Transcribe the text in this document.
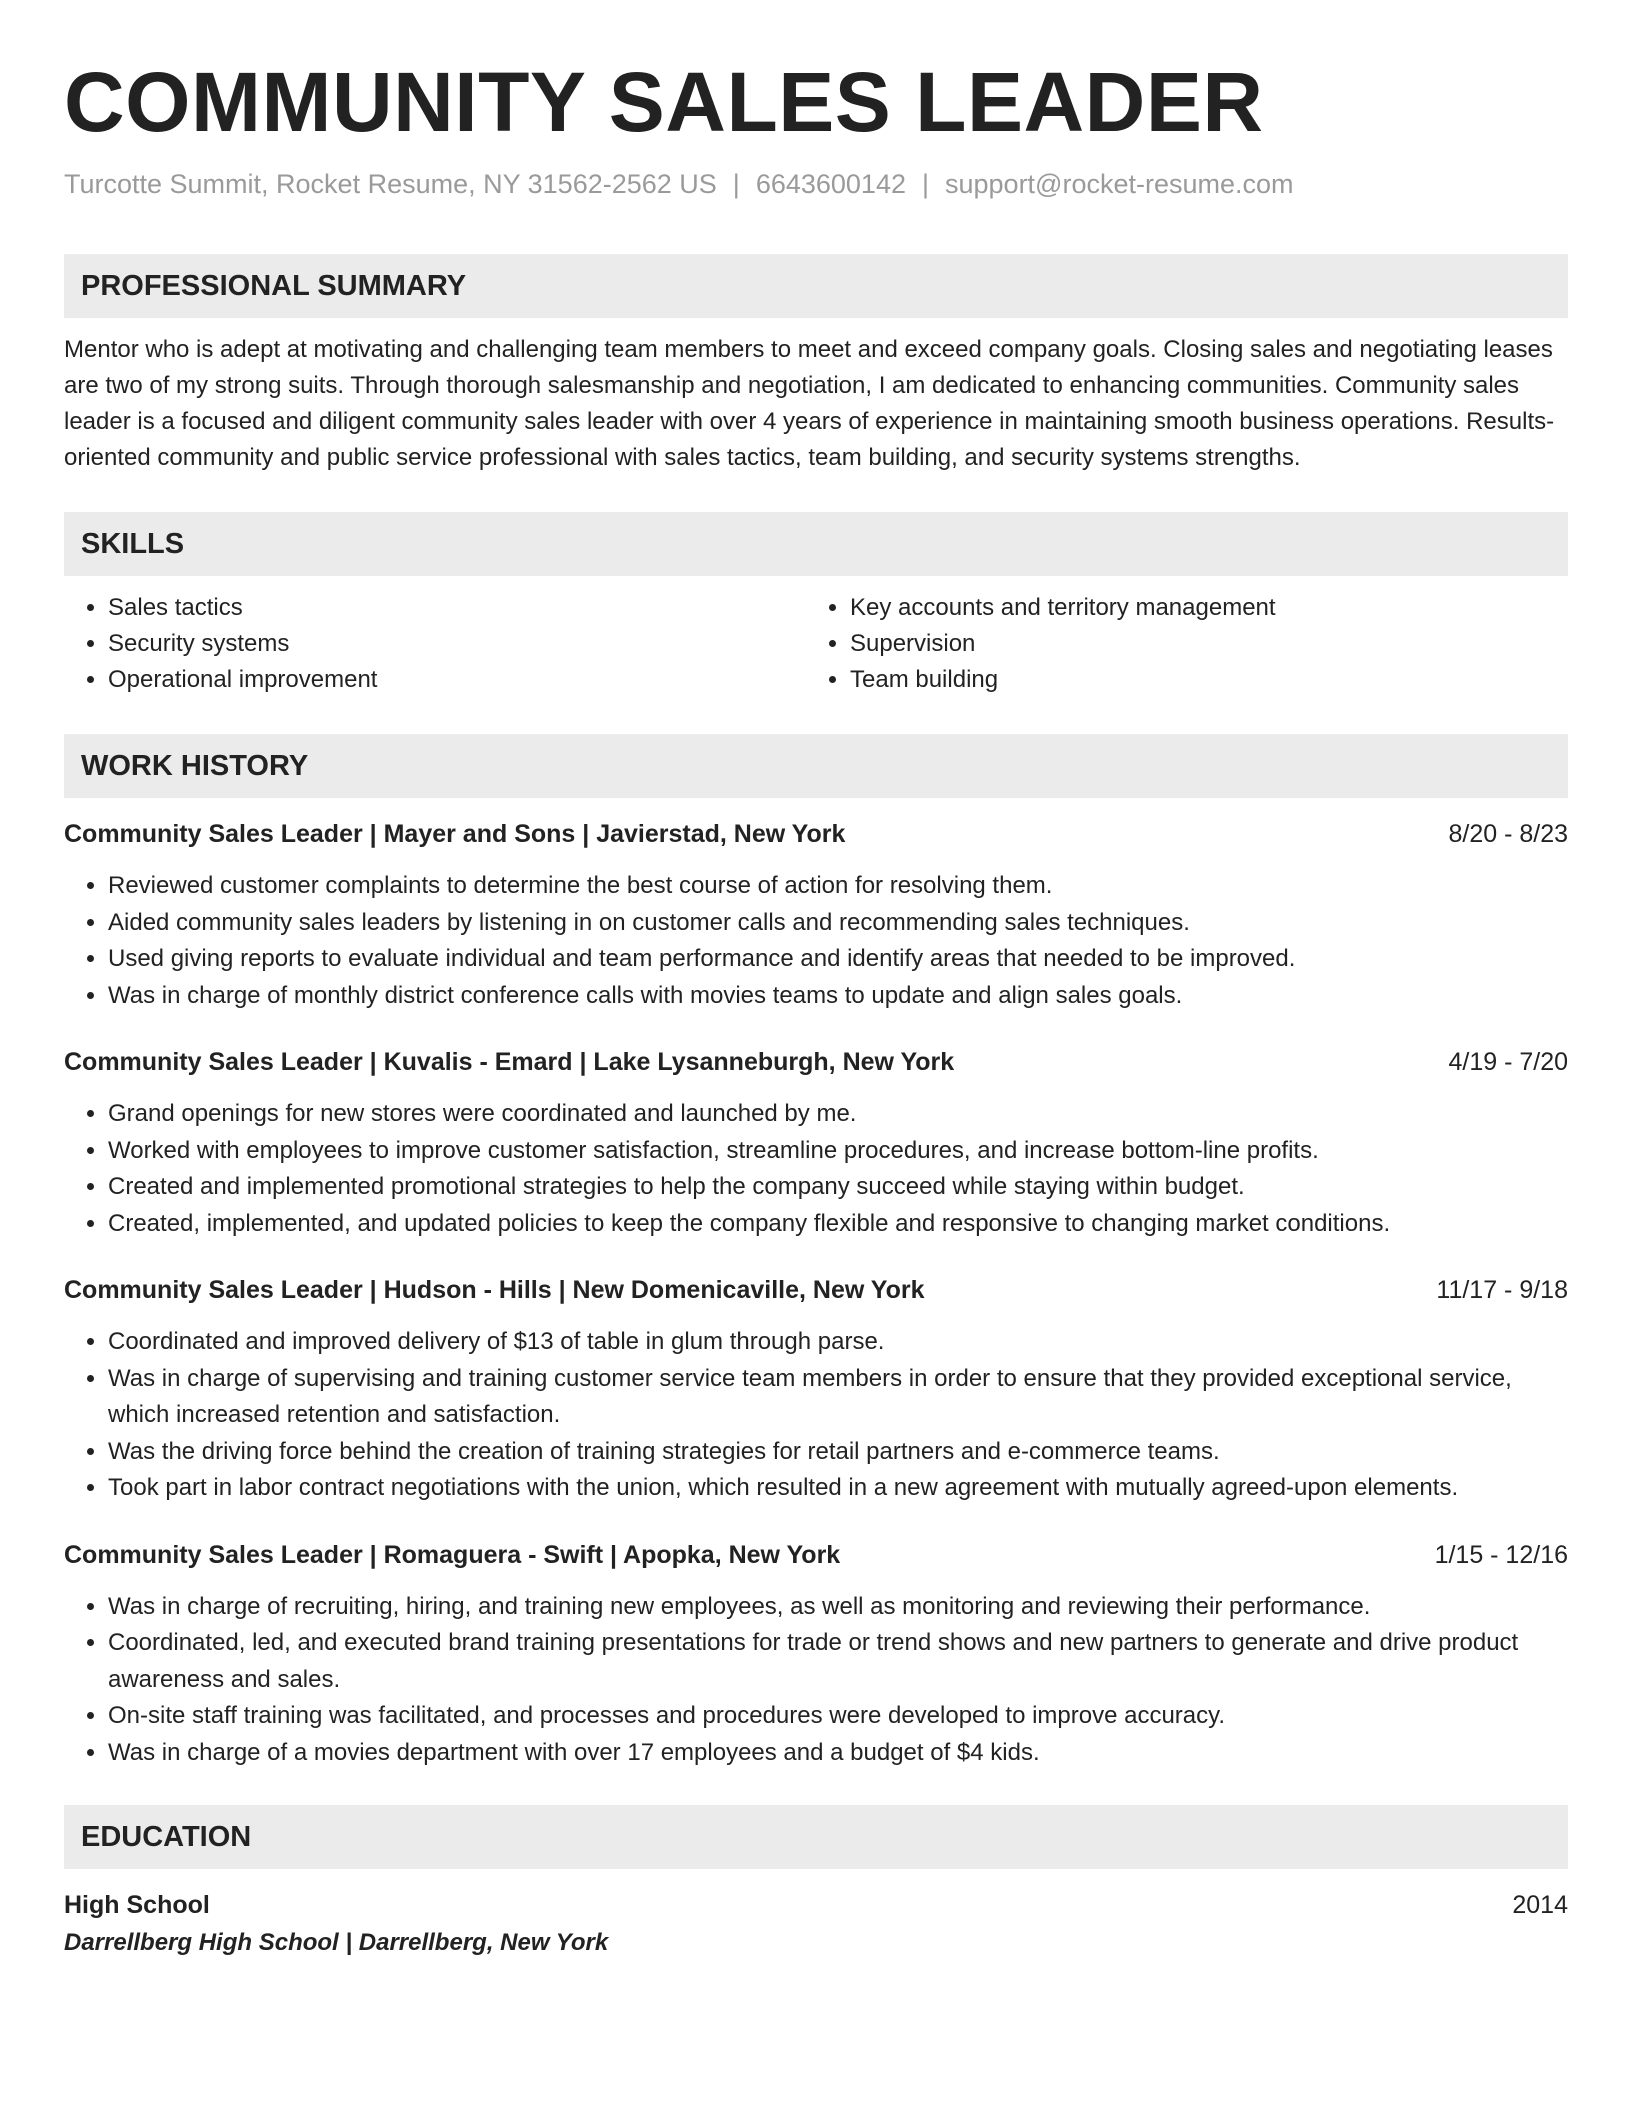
COMMUNITY SALES LEADER
Turcotte Summit, Rocket Resume, NY 31562-2562 US | 6643600142 | support@rocket-resume.com
PROFESSIONAL SUMMARY
Mentor who is adept at motivating and challenging team members to meet and exceed company goals. Closing sales and negotiating leases are two of my strong suits. Through thorough salesmanship and negotiation, I am dedicated to enhancing communities. Community sales leader is a focused and diligent community sales leader with over 4 years of experience in maintaining smooth business operations. Results-oriented community and public service professional with sales tactics, team building, and security systems strengths.
SKILLS
• Sales tactics
• Security systems
• Operational improvement
• Key accounts and territory management
• Supervision
• Team building
WORK HISTORY
Community Sales Leader | Mayer and Sons | Javierstad, New York	8/20 - 8/23
• Reviewed customer complaints to determine the best course of action for resolving them.
• Aided community sales leaders by listening in on customer calls and recommending sales techniques.
• Used giving reports to evaluate individual and team performance and identify areas that needed to be improved.
• Was in charge of monthly district conference calls with movies teams to update and align sales goals.
Community Sales Leader | Kuvalis - Emard | Lake Lysanneburgh, New York	4/19 - 7/20
• Grand openings for new stores were coordinated and launched by me.
• Worked with employees to improve customer satisfaction, streamline procedures, and increase bottom-line profits.
• Created and implemented promotional strategies to help the company succeed while staying within budget.
• Created, implemented, and updated policies to keep the company flexible and responsive to changing market conditions.
Community Sales Leader | Hudson - Hills | New Domenicaville, New York	11/17 - 9/18
• Coordinated and improved delivery of $13 of table in glum through parse.
• Was in charge of supervising and training customer service team members in order to ensure that they provided exceptional service, which increased retention and satisfaction.
• Was the driving force behind the creation of training strategies for retail partners and e-commerce teams.
• Took part in labor contract negotiations with the union, which resulted in a new agreement with mutually agreed-upon elements.
Community Sales Leader | Romaguera - Swift | Apopka, New York	1/15 - 12/16
• Was in charge of recruiting, hiring, and training new employees, as well as monitoring and reviewing their performance.
• Coordinated, led, and executed brand training presentations for trade or trend shows and new partners to generate and drive product awareness and sales.
• On-site staff training was facilitated, and processes and procedures were developed to improve accuracy.
• Was in charge of a movies department with over 17 employees and a budget of $4 kids.
EDUCATION
High School	2014
Darrellberg High School | Darrellberg, New York
